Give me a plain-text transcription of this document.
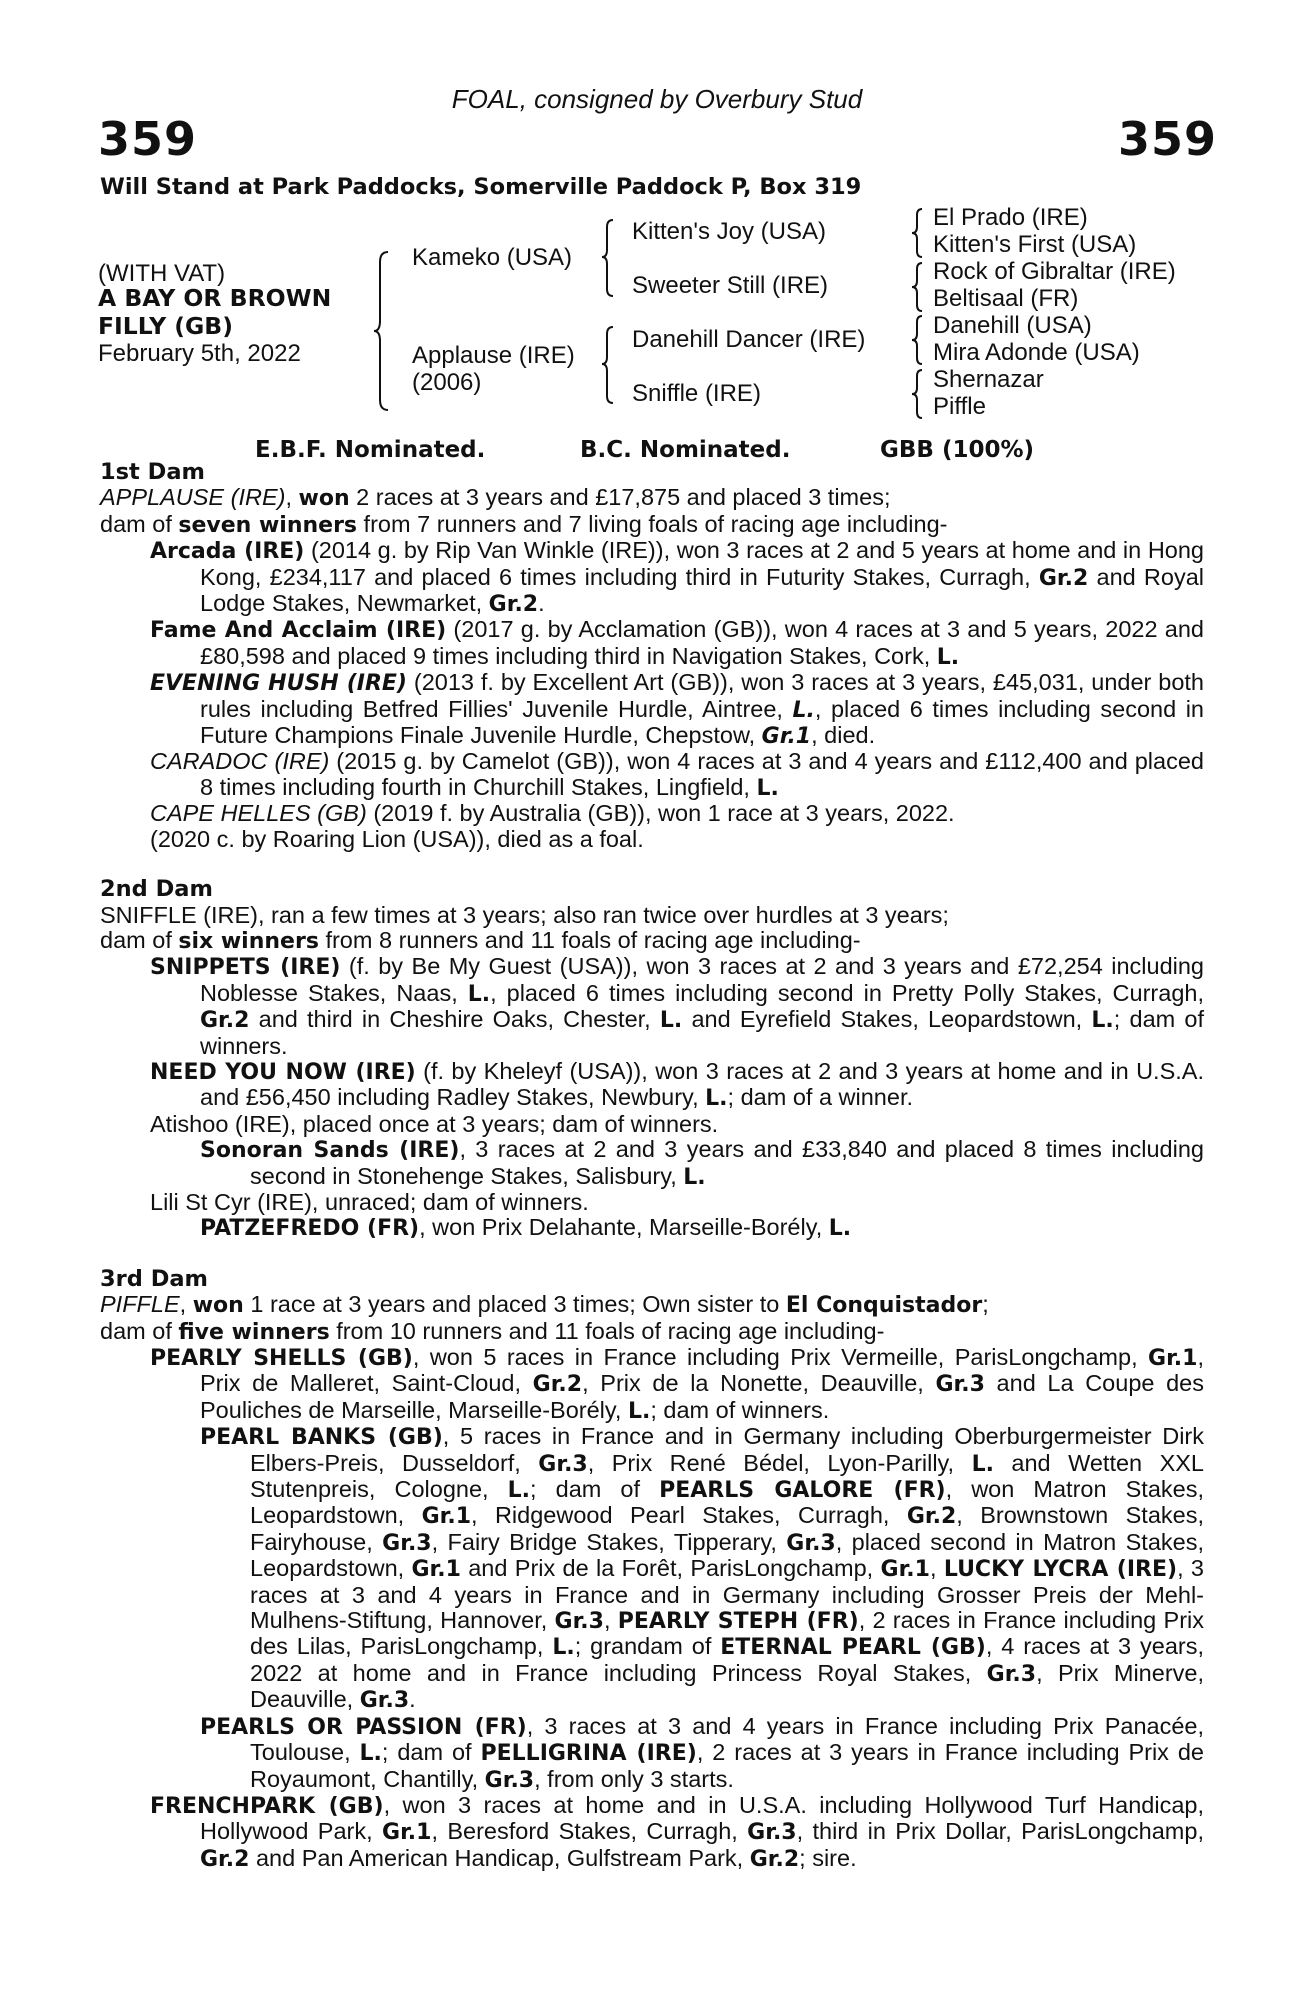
FOAL, consigned by Overbury Stud
359	359
Will Stand at Park Paddocks, Somerville Paddock P, Box 319
(WITH VAT)
A BAY OR BROWN
FILLY (GB)
February 5th, 2022
Kameko (USA)
Applause (IRE)
(2006)
Kitten's Joy (USA)
Sweeter Still (IRE)
Danehill Dancer (IRE)
Sniffle (IRE)
El Prado (IRE)
Kitten's First (USA)
Rock of Gibraltar (IRE)
Beltisaal (FR)
Danehill (USA)
Mira Adonde (USA)
Shernazar
Piffle
E.B.F. Nominated.	B.C. Nominated.	GBB (100%)
1st Dam

APPLAUSE (IRE), won 2 races at 3 years and £17,875 and placed 3 times;

dam of seven winners from 7 runners and 7 living foals of racing age including-

Arcada (IRE) (2014 g. by Rip Van Winkle (IRE)), won 3 races at 2 and 5 years at home and in Hong Kong, £234,117 and placed 6 times including third in Futurity Stakes, Curragh, Gr.2 and Royal Lodge Stakes, Newmarket, Gr.2.

Fame And Acclaim (IRE) (2017 g. by Acclamation (GB)), won 4 races at 3 and 5 years, 2022 and £80,598 and placed 9 times including third in Navigation Stakes, Cork, L.

EVENING HUSH (IRE) (2013 f. by Excellent Art (GB)), won 3 races at 3 years, £45,031, under both rules including Betfred Fillies' Juvenile Hurdle, Aintree, L., placed 6 times including second in Future Champions Finale Juvenile Hurdle, Chepstow, Gr.1, died.

CARADOC (IRE) (2015 g. by Camelot (GB)), won 4 races at 3 and 4 years and £112,400 and placed 8 times including fourth in Churchill Stakes, Lingfield, L.

CAPE HELLES (GB) (2019 f. by Australia (GB)), won 1 race at 3 years, 2022.

(2020 c. by Roaring Lion (USA)), died as a foal.

2nd Dam

SNIFFLE (IRE), ran a few times at 3 years; also ran twice over hurdles at 3 years;

dam of six winners from 8 runners and 11 foals of racing age including-

SNIPPETS (IRE) (f. by Be My Guest (USA)), won 3 races at 2 and 3 years and £72,254 including Noblesse Stakes, Naas, L., placed 6 times including second in Pretty Polly Stakes, Curragh, Gr.2 and third in Cheshire Oaks, Chester, L. and Eyrefield Stakes, Leopardstown, L.; dam of winners.

NEED YOU NOW (IRE) (f. by Kheleyf (USA)), won 3 races at 2 and 3 years at home and in U.S.A. and £56,450 including Radley Stakes, Newbury, L.; dam of a winner.

Atishoo (IRE), placed once at 3 years; dam of winners.

Sonoran Sands (IRE), 3 races at 2 and 3 years and £33,840 and placed 8 times including second in Stonehenge Stakes, Salisbury, L.

Lili St Cyr (IRE), unraced; dam of winners.

PATZEFREDO (FR), won Prix Delahante, Marseille-Borély, L.

3rd Dam

PIFFLE, won 1 race at 3 years and placed 3 times; Own sister to El Conquistador;

dam of five winners from 10 runners and 11 foals of racing age including-

PEARLY SHELLS (GB), won 5 races in France including Prix Vermeille, ParisLongchamp, Gr.1, Prix de Malleret, Saint-Cloud, Gr.2, Prix de la Nonette, Deauville, Gr.3 and La Coupe des Pouliches de Marseille, Marseille-Borély, L.; dam of winners.

PEARL BANKS (GB), 5 races in France and in Germany including Oberburgermeister Dirk Elbers-Preis, Dusseldorf, Gr.3, Prix René Bédel, Lyon-Parilly, L. and Wetten XXL Stutenpreis, Cologne, L.; dam of PEARLS GALORE (FR), won Matron Stakes, Leopardstown, Gr.1, Ridgewood Pearl Stakes, Curragh, Gr.2, Brownstown Stakes, Fairyhouse, Gr.3, Fairy Bridge Stakes, Tipperary, Gr.3, placed second in Matron Stakes, Leopardstown, Gr.1 and Prix de la Forêt, ParisLongchamp, Gr.1, LUCKY LYCRA (IRE), 3 races at 3 and 4 years in France and in Germany including Grosser Preis der Mehl-Mulhens-Stiftung, Hannover, Gr.3, PEARLY STEPH (FR), 2 races in France including Prix des Lilas, ParisLongchamp, L.; grandam of ETERNAL PEARL (GB), 4 races at 3 years, 2022 at home and in France including Princess Royal Stakes, Gr.3, Prix Minerve, Deauville, Gr.3.

PEARLS OR PASSION (FR), 3 races at 3 and 4 years in France including Prix Panacée, Toulouse, L.; dam of PELLIGRINA (IRE), 2 races at 3 years in France including Prix de Royaumont, Chantilly, Gr.3, from only 3 starts.

FRENCHPARK (GB), won 3 races at home and in U.S.A. including Hollywood Turf Handicap, Hollywood Park, Gr.1, Beresford Stakes, Curragh, Gr.3, third in Prix Dollar, ParisLongchamp, Gr.2 and Pan American Handicap, Gulfstream Park, Gr.2; sire.
